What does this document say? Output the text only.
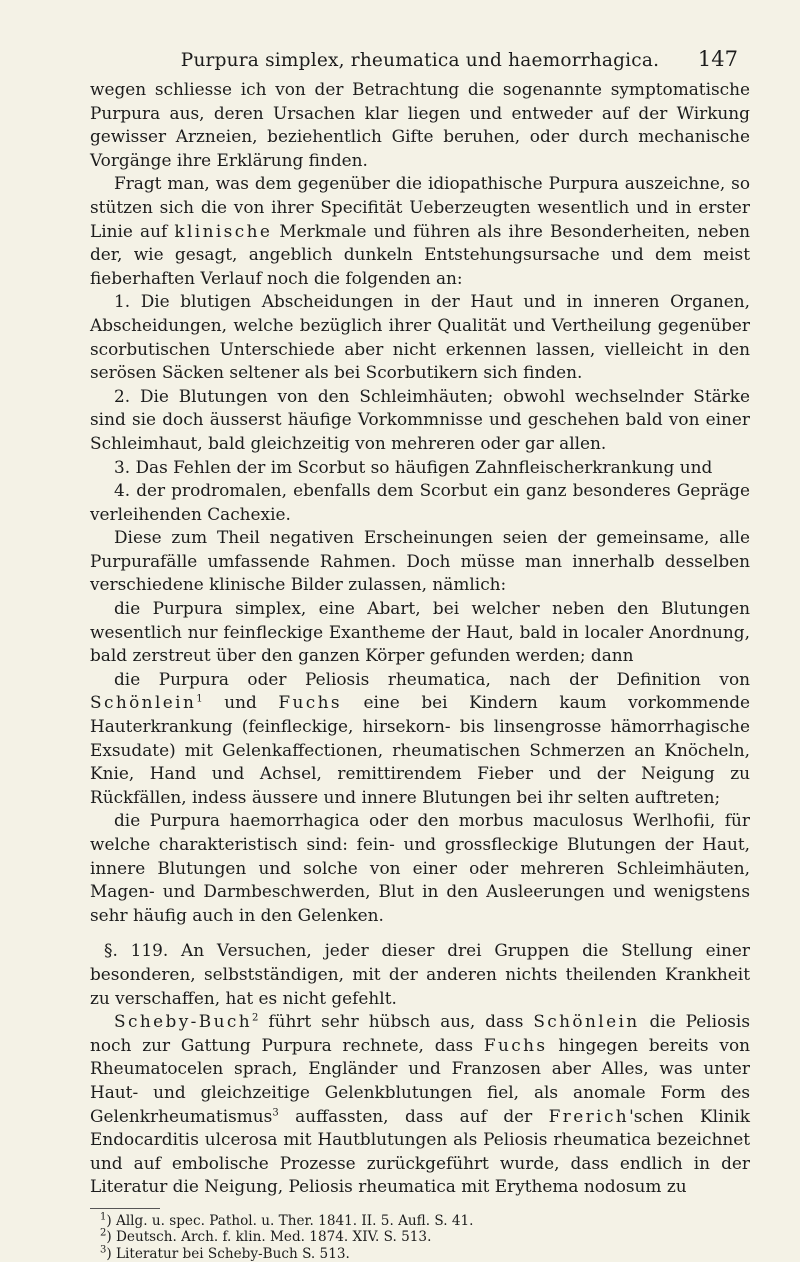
Purpura simplex, rheumatica und haemorrhagica.	147

wegen schliesse ich von der Betrachtung die sogenannte symptomatische Purpura aus, deren Ursachen klar liegen und entweder auf der Wirkung gewisser Arzneien, beziehentlich Gifte beruhen, oder durch mechanische Vorgänge ihre Erklärung finden.

Fragt man, was dem gegenüber die idiopathische Purpura auszeichne, so stützen sich die von ihrer Specifität Ueberzeugten wesentlich und in erster Linie auf klinische Merkmale und führen als ihre Besonderheiten, neben der, wie gesagt, angeblich dunkeln Entstehungsursache und dem meist fieberhaften Verlauf noch die folgenden an:

1. Die blutigen Abscheidungen in der Haut und in inneren Organen, Abscheidungen, welche bezüglich ihrer Qualität und Vertheilung gegenüber scorbutischen Unterschiede aber nicht erkennen lassen, vielleicht in den serösen Säcken seltener als bei Scorbutikern sich finden.

2. Die Blutungen von den Schleimhäuten; obwohl wechselnder Stärke sind sie doch äusserst häufige Vorkommnisse und geschehen bald von einer Schleimhaut, bald gleichzeitig von mehreren oder gar allen.

3. Das Fehlen der im Scorbut so häufigen Zahnfleischerkrankung und

4. der prodromalen, ebenfalls dem Scorbut ein ganz besonderes Gepräge verleihenden Cachexie.

Diese zum Theil negativen Erscheinungen seien der gemeinsame, alle Purpurafälle umfassende Rahmen. Doch müsse man innerhalb desselben verschiedene klinische Bilder zulassen, nämlich:

die Purpura simplex, eine Abart, bei welcher neben den Blutungen wesentlich nur feinfleckige Exantheme der Haut, bald in localer Anordnung, bald zerstreut über den ganzen Körper gefunden werden; dann

die Purpura oder Peliosis rheumatica, nach der Definition von Schönlein$^1$ und Fuchs eine bei Kindern kaum vorkommende Hauterkrankung (feinfleckige, hirsekorn- bis linsengrosse hämorrhagische Exsudate) mit Gelenkaffectionen, rheumatischen Schmerzen an Knöcheln, Knie, Hand und Achsel, remittirendem Fieber und der Neigung zu Rückfällen, indess äussere und innere Blutungen bei ihr selten auftreten;

die Purpura haemorrhagica oder den morbus maculosus Werlhofii, für welche charakteristisch sind: fein- und grossfleckige Blutungen der Haut, innere Blutungen und solche von einer oder mehreren Schleimhäuten, Magen- und Darmbeschwerden, Blut in den Ausleerungen und wenigstens sehr häufig auch in den Gelenken.

§. 119. An Versuchen, jeder dieser drei Gruppen die Stellung einer besonderen, selbstständigen, mit der anderen nichts theilenden Krankheit zu verschaffen, hat es nicht gefehlt.

Scheby-Buch$^2$ führt sehr hübsch aus, dass Schönlein die Peliosis noch zur Gattung Purpura rechnete, dass Fuchs hingegen bereits von Rheumatocelen sprach, Engländer und Franzosen aber Alles, was unter Haut- und gleichzeitige Gelenkblutungen fiel, als anomale Form des Gelenkrheumatismus$^3$ auffassten, dass auf der Frerich'schen Klinik Endocarditis ulcerosa mit Hautblutungen als Peliosis rheumatica bezeichnet und auf embolische Prozesse zurückgeführt wurde, dass endlich in der Literatur die Neigung, Peliosis rheumatica mit Erythema nodosum zu

$^1$) Allg. u. spec. Pathol. u. Ther. 1841. II. 5. Aufl. S. 41.

$^2$) Deutsch. Arch. f. klin. Med. 1874. XIV. S. 513.

$^3$) Literatur bei Scheby-Buch S. 513.
